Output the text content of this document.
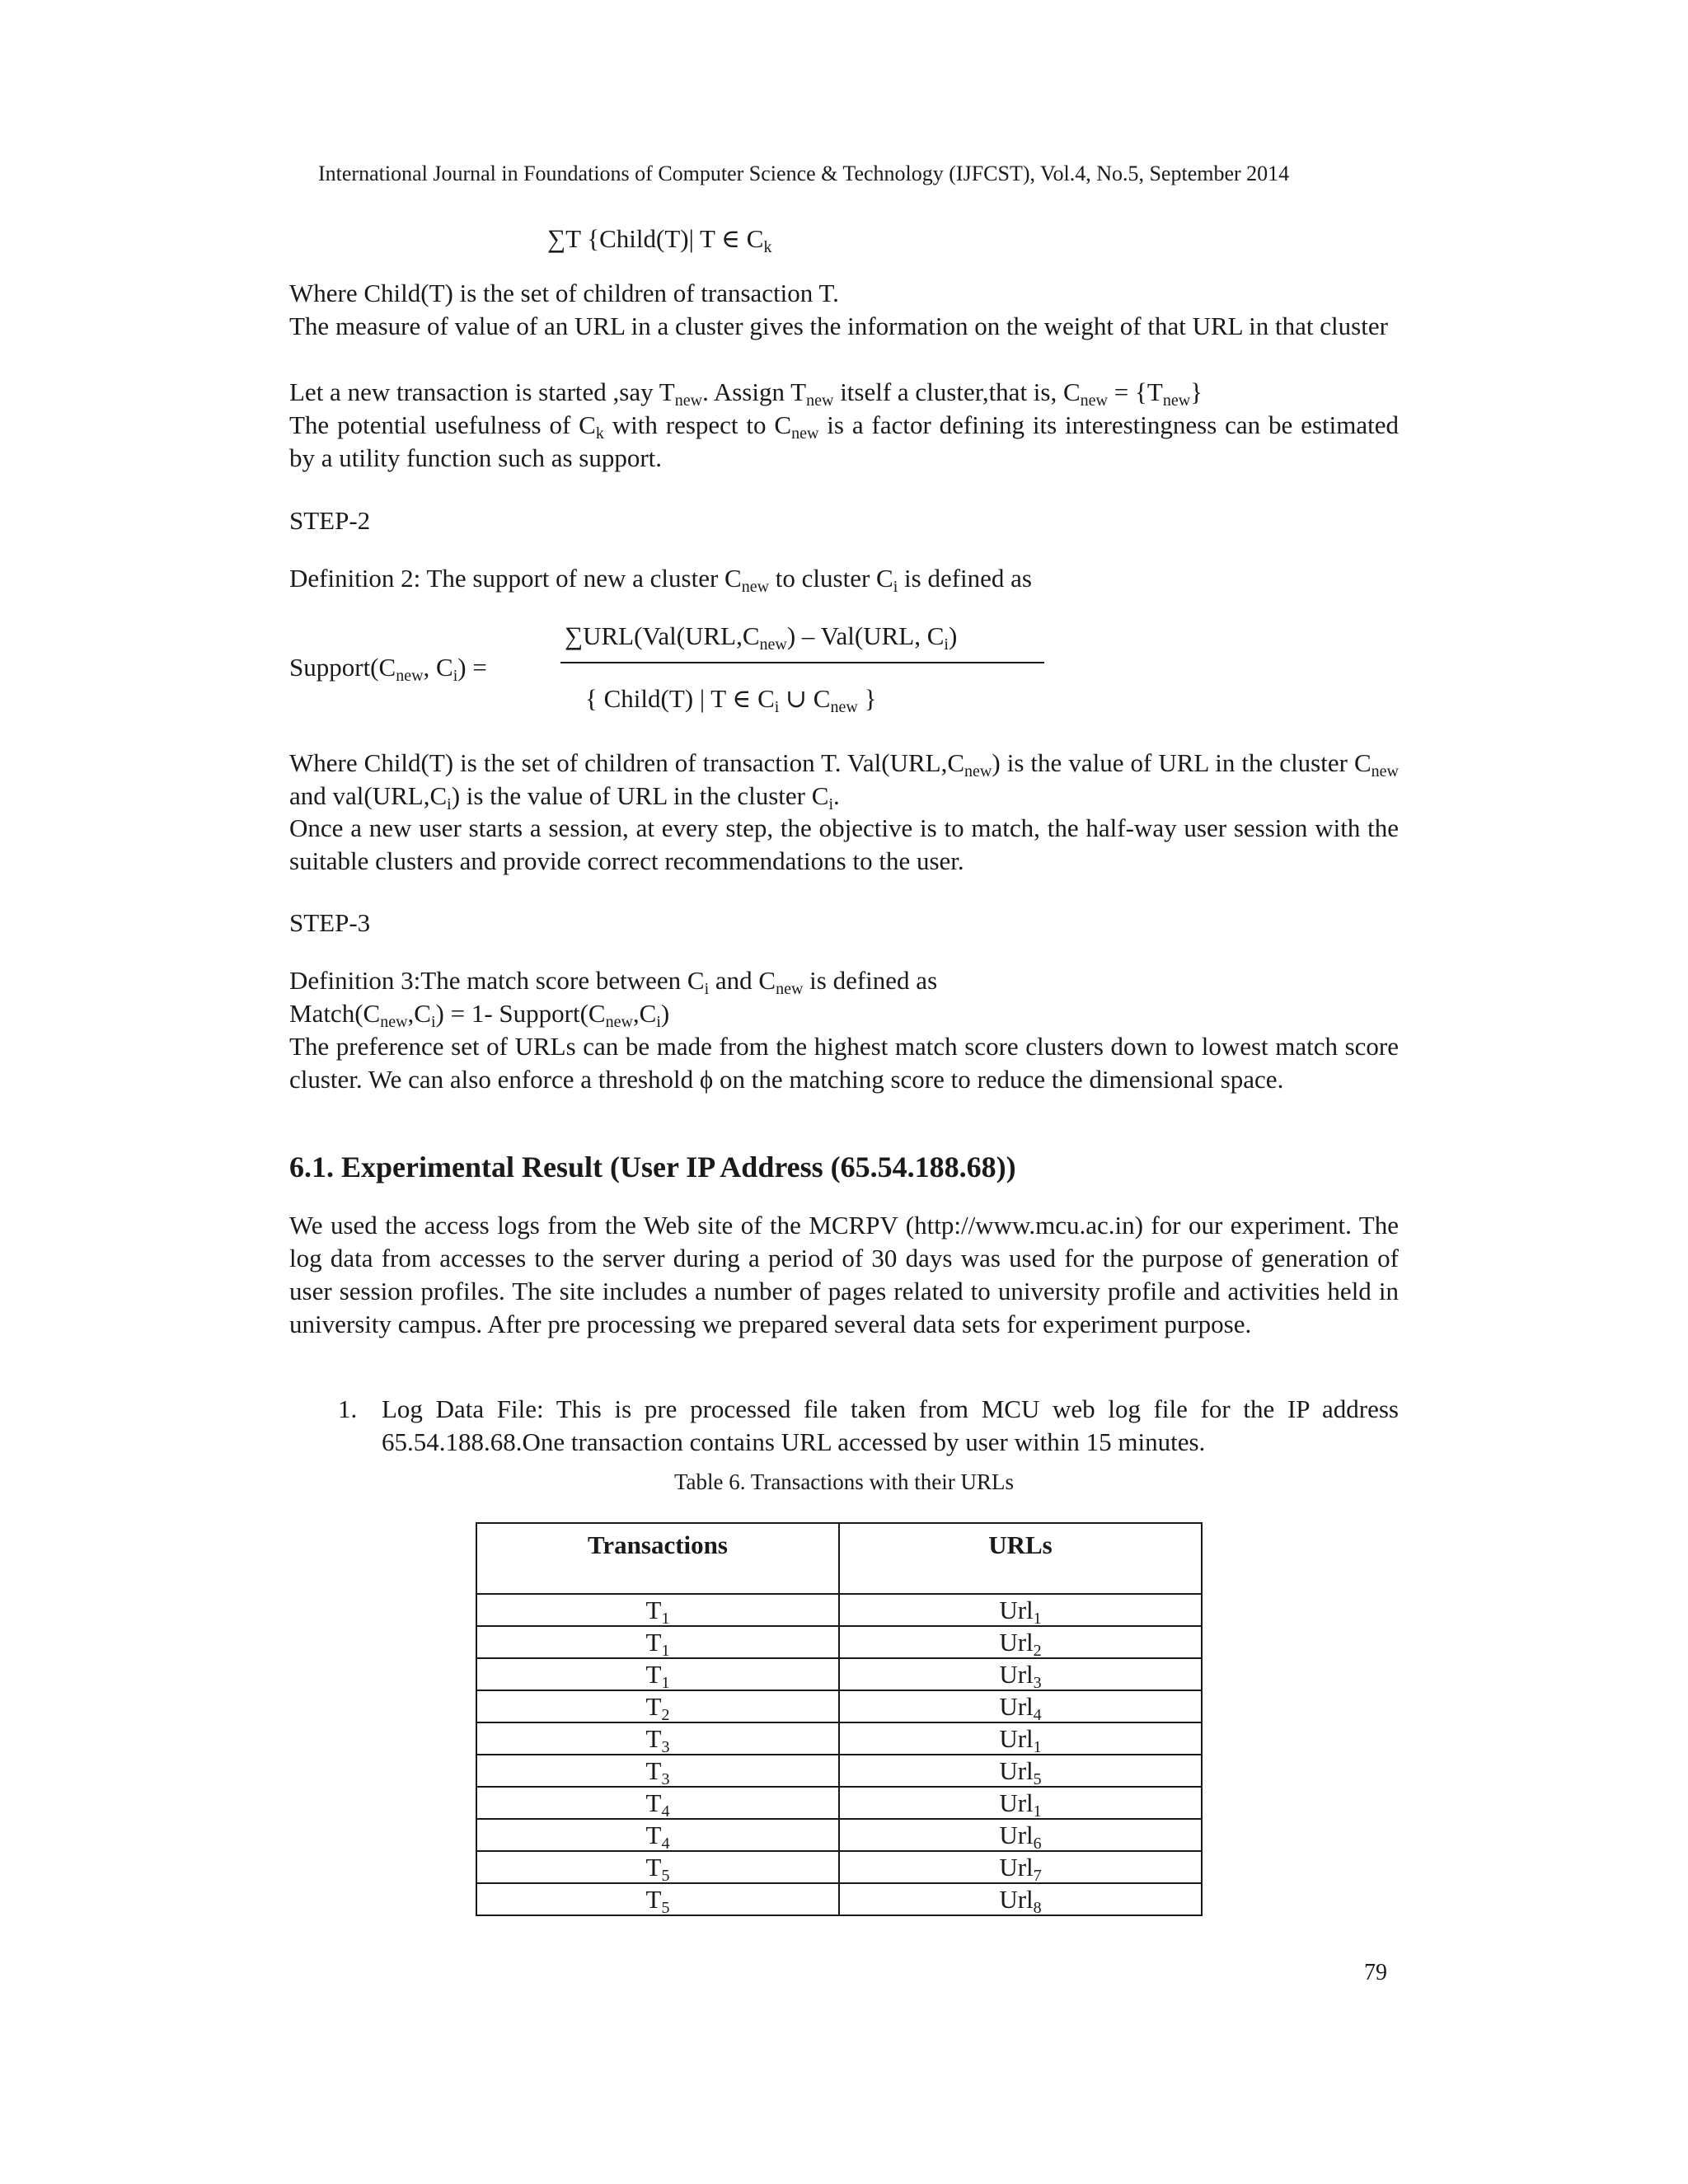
International Journal in Foundations of Computer Science & Technology (IJFCST), Vol.4, No.5, September 2014
∑T {Child(T)| T ∈ $C_k$
Where Child(T) is the set of children of transaction T.
The measure of value of an URL in a cluster gives the information on the weight of that URL in that cluster
Let a new transaction is started ,say $T_{new}$. Assign $T_{new}$ itself a cluster,that is, $C_{new} = \{T_{new}\}$
The potential usefulness of $C_k$ with respect to $C_{new}$ is a factor defining its interestingness can be estimated by a utility function such as support.
STEP-2
Definition 2: The support of new a cluster $C_{new}$ to cluster $C_i$ is defined as
$\sum URL(Val(URL,C_{new}) - Val(URL$, $C_i$)
$Support(C_{new}$, $C_i$) =
{ Child(T) | T ∈ $C_i$ ∪ $C_{new}$ }
Where Child(T) is the set of children of transaction T. $Val(URL,C_{new})$ is the value of URL in the cluster $C_{new}$ and $val(URL,C_i)$ is the value of URL in the cluster $C_i$.
Once a new user starts a session, at every step, the objective is to match, the half-way user session with the suitable clusters and provide correct recommendations to the user.
STEP-3
Definition 3:The match score between $C_i$ and $C_{new}$ is defined as
$Match(C_{new},C_i) = 1-$ $Support(C_{new},C_i)$
The preference set of URLs can be made from the highest match score clusters down to lowest match score cluster. We can also enforce a threshold ϕ on the matching score to reduce the dimensional space.
6.1. Experimental Result (User IP Address (65.54.188.68))
We used the access logs from the Web site of the MCRPV (http://www.mcu.ac.in) for our experiment. The log data from accesses to the server during a period of 30 days was used for the purpose of generation of user session profiles. The site includes a number of pages related to university profile and activities held in university campus. After pre processing we prepared several data sets for experiment purpose.
1. Log Data File: This is pre processed file taken from MCU web log file for the IP address 65.54.188.68.One transaction contains URL accessed by user within 15 minutes.
Table 6. Transactions with their URLs
Transactions	URLs
$T_1$	Url$_1$
$T_1$	Url$_2$
$T_1$	Url$_3$
$T_2$	Url$_4$
$T_3$	Url$_1$
$T_3$	Url$_5$
$T_4$	Url$_1$
$T_4$	Url$_6$
$T_5$	Url$_7$
$T_5$	Url$_8$
79
